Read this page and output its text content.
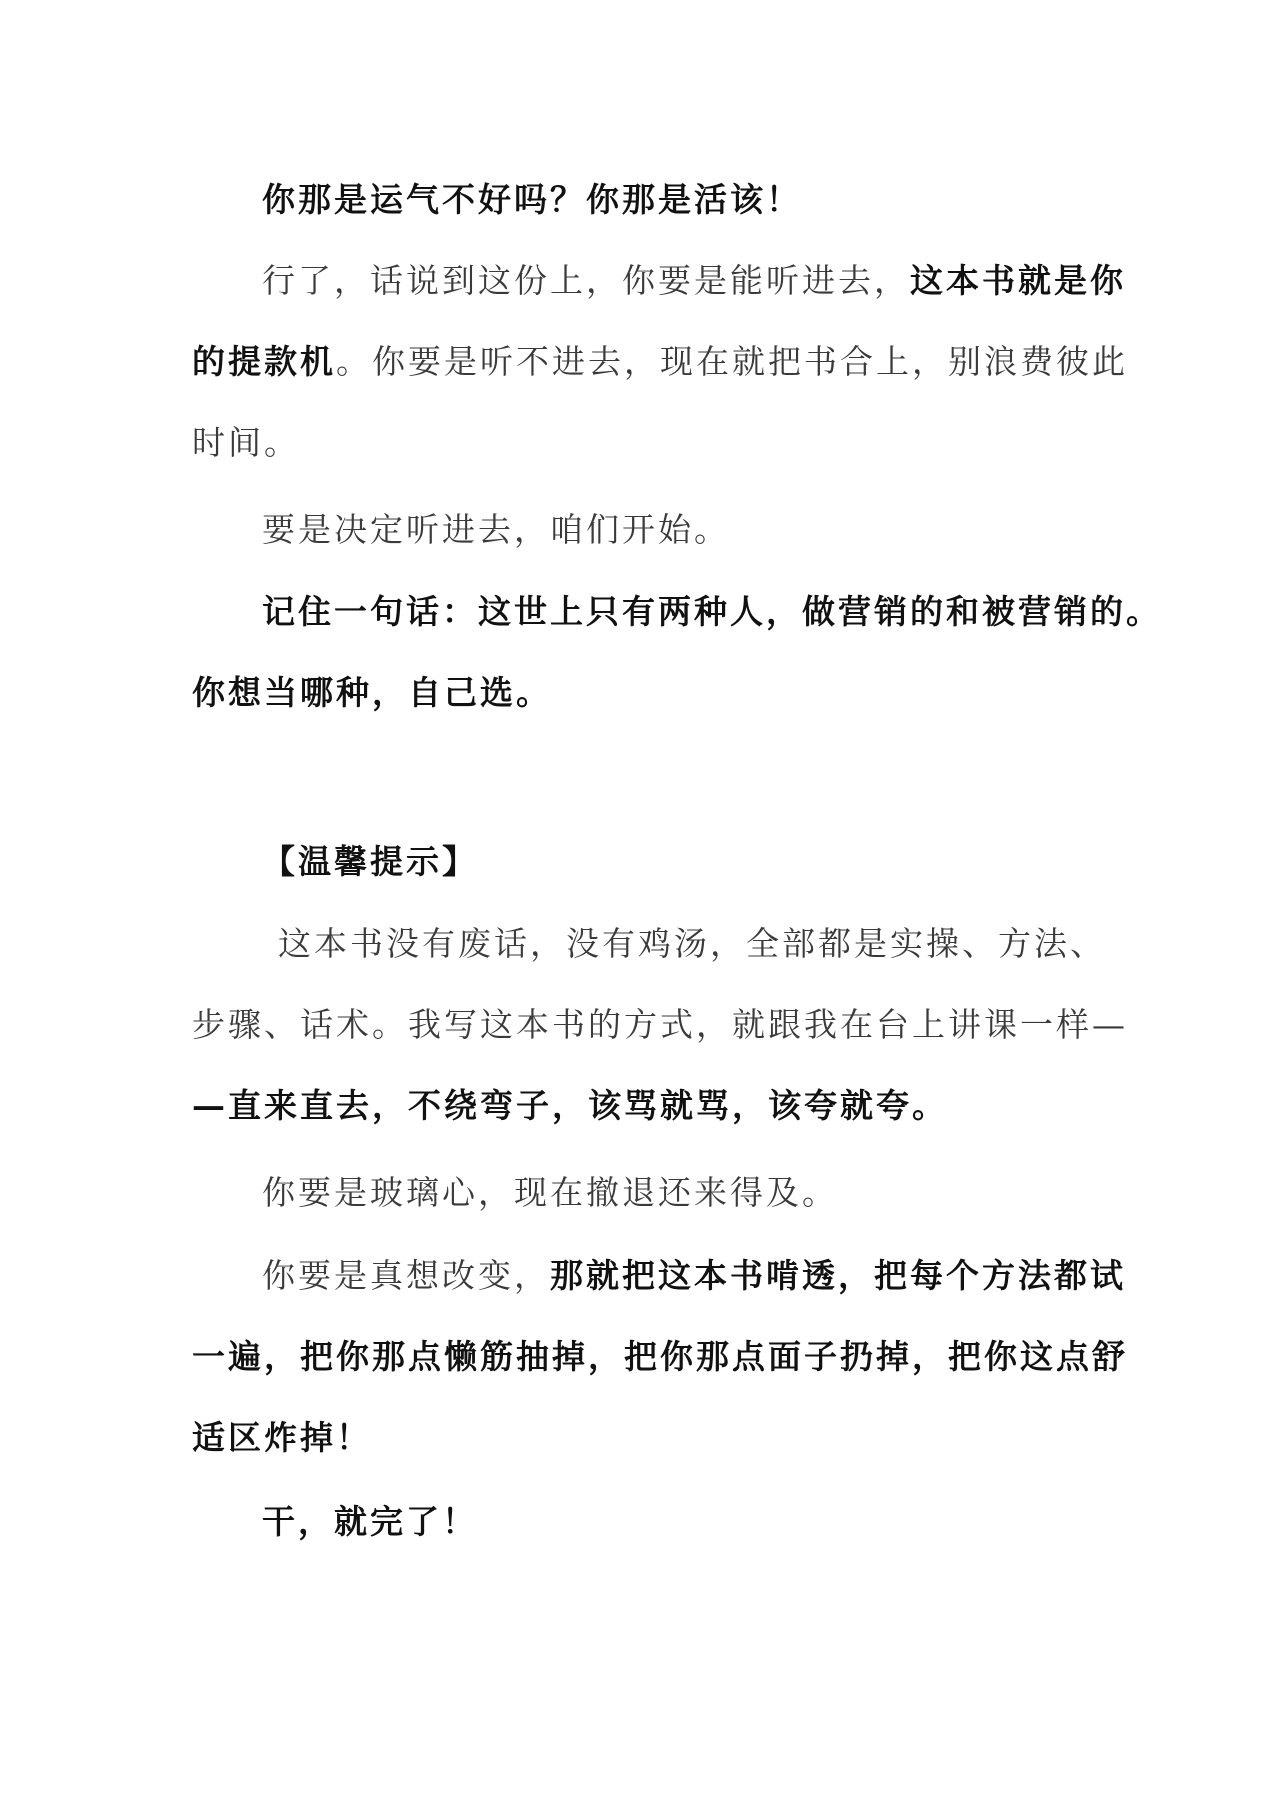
你那是运气不好吗？你那是活该！
行了，话说到这份上，你要是能听进去，这本书就是你
的提款机。你要是听不进去，现在就把书合上，别浪费彼此
时间。
要是决定听进去，咱们开始。
记住一句话：这世上只有两种人，做营销的和被营销的。
你想当哪种，自己选。
【温馨提示】
这本书没有废话，没有鸡汤，全部都是实操、方法、
步骤、话术。我写这本书的方式，就跟我在台上讲课一样—
—直来直去，不绕弯子，该骂就骂，该夸就夸。
你要是玻璃心，现在撤退还来得及。
你要是真想改变，那就把这本书啃透，把每个方法都试
一遍，把你那点懒筋抽掉，把你那点面子扔掉，把你这点舒
适区炸掉！
干，就完了！
